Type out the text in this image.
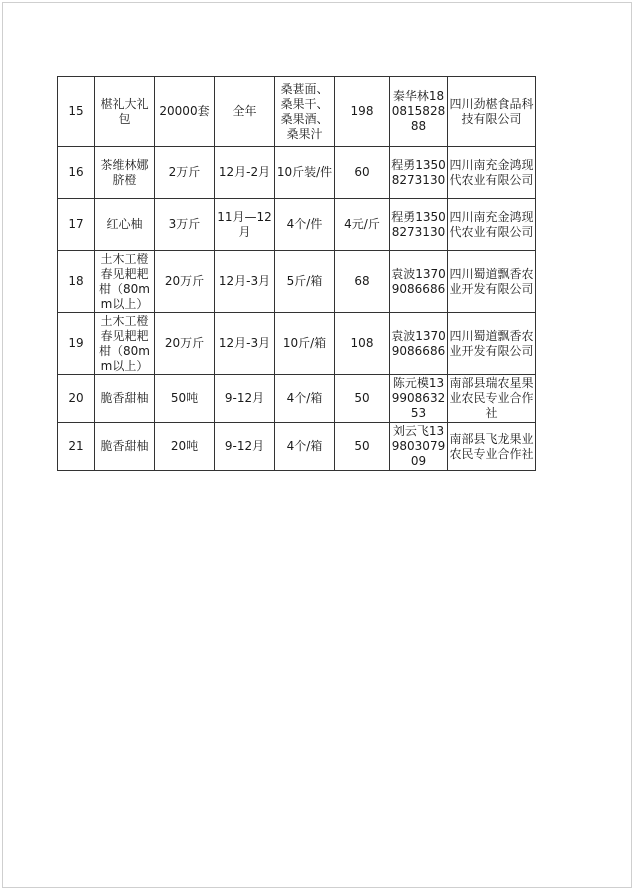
15	椹礼大礼包	20000套	全年	桑葚面、桑果干、桑果酒、桑果汁	198	秦华林18081582888	四川劲椹食品科技有限公司
16	茶维林娜脐橙	2万斤	12月-2月	10斤装/件	60	程勇13508273130	四川南充金鸿现代农业有限公司
17	红心柚	3万斤	11月—12月	4个/件	4元/斤	程勇13508273130	四川南充金鸿现代农业有限公司
18	土木工橙春见耙耙柑（80mm以上）	20万斤	12月-3月	5斤/箱	68	袁波13709086686	四川蜀道飘香农业开发有限公司
19	土木工橙春见耙耙柑（80mm以上）	20万斤	12月-3月	10斤/箱	108	袁波13709086686	四川蜀道飘香农业开发有限公司
20	脆香甜柚	50吨	9-12月	4个/箱	50	陈元模13990863253	南部县瑞农星果业农民专业合作社
21	脆香甜柚	20吨	9-12月	4个/箱	50	刘云飞13980307909	南部县飞龙果业农民专业合作社
